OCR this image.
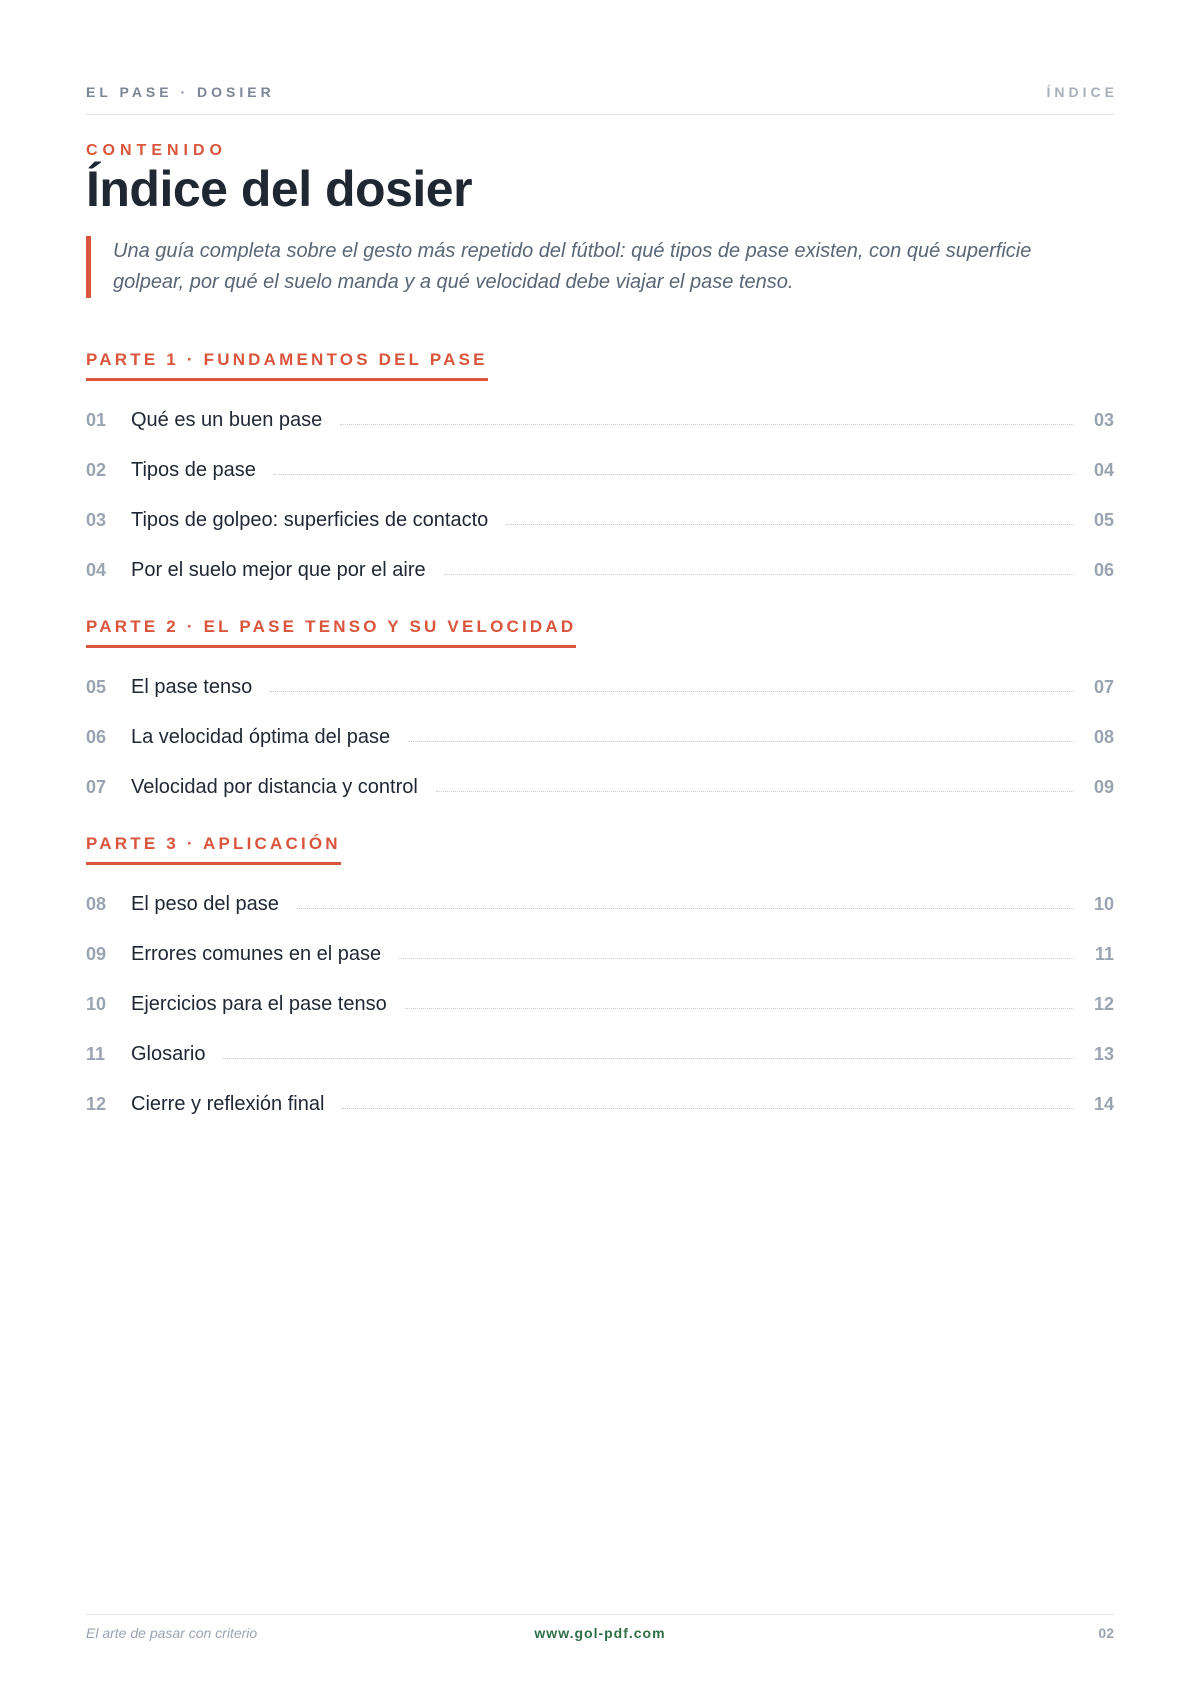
EL PASE · DOSIER	ÍNDICE
CONTENIDO
Índice del dosier

Una guía completa sobre el gesto más repetido del fútbol: qué tipos de pase existen, con qué superficie golpear, por qué el suelo manda y a qué velocidad debe viajar el pase tenso.

PARTE 1 · FUNDAMENTOS DEL PASE
01	Qué es un buen pase	03
02	Tipos de pase	04
03	Tipos de golpeo: superficies de contacto	05
04	Por el suelo mejor que por el aire	06
PARTE 2 · EL PASE TENSO Y SU VELOCIDAD
05	El pase tenso	07
06	La velocidad óptima del pase	08
07	Velocidad por distancia y control	09
PARTE 3 · APLICACIÓN
08	El peso del pase	10
09	Errores comunes en el pase	11
10	Ejercicios para el pase tenso	12
11	Glosario	13
12	Cierre y reflexión final	14
El arte de pasar con criterio	www.gol-pdf.com	02
